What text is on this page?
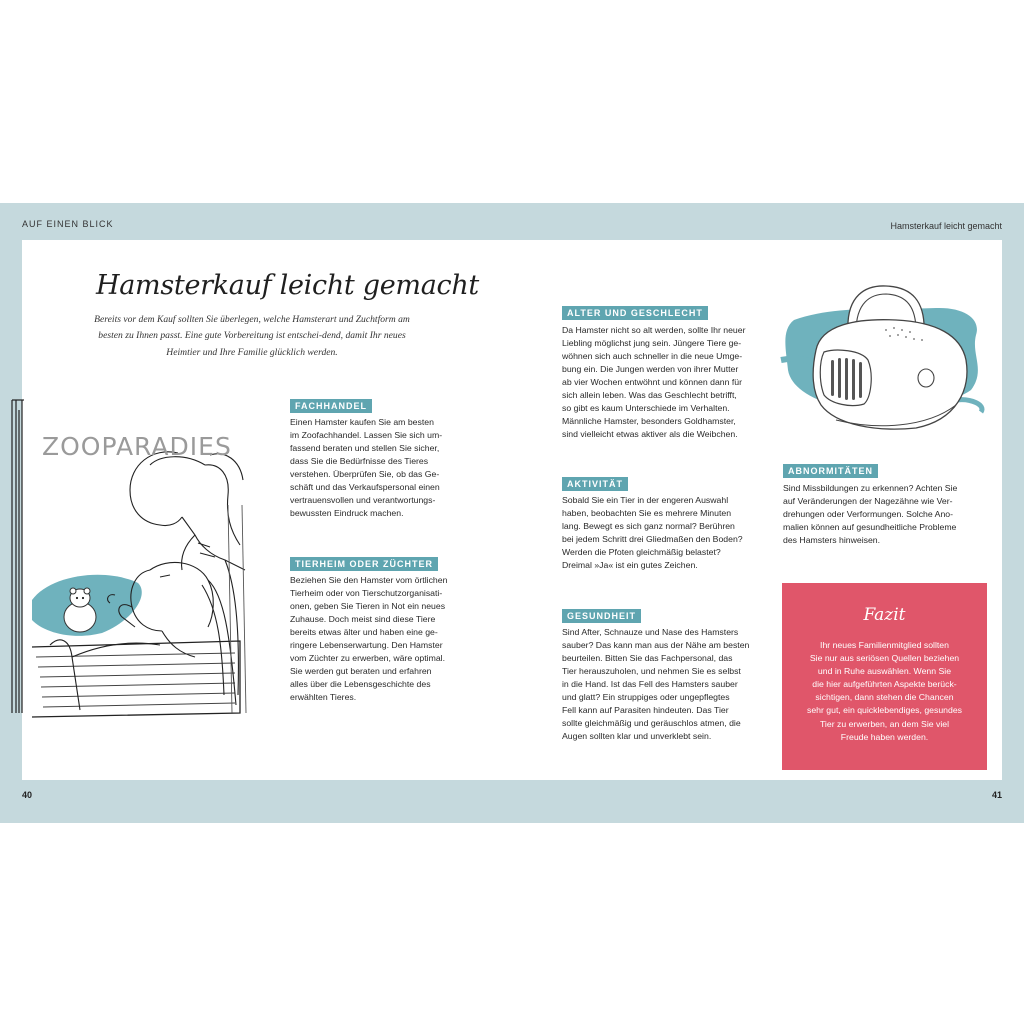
AUF EINEN BLICK	Hamsterkauf leicht gemacht
40	41
Hamsterkauf leicht gemacht
Bereits vor dem Kauf sollten Sie überlegen, welche Hamsterart und Zuchtform am besten zu Ihnen passt. Eine gute Vorbereitung ist entschei-dend, damit Ihr neues Heimtier und Ihre Familie glücklich werden.
ZOOPARADIES
FACHHANDEL

Einen Hamster kaufen Sie am besten
im Zoofachhandel. Lassen Sie sich um-
fassend beraten und stellen Sie sicher,
dass Sie die Bedürfnisse des Tieres
verstehen. Überprüfen Sie, ob das Ge-
schäft und das Verkaufspersonal einen
vertrauensvollen und verantwortungs-
bewussten Eindruck machen.

TIERHEIM ODER ZÜCHTER

Beziehen Sie den Hamster vom örtlichen
Tierheim oder von Tierschutzorganisati-
onen, geben Sie Tieren in Not ein neues
Zuhause. Doch meist sind diese Tiere
bereits etwas älter und haben eine ge-
ringere Lebenserwartung. Den Hamster
vom Züchter zu erwerben, wäre optimal.
Sie werden gut beraten und erfahren
alles über die Lebensgeschichte des
erwählten Tieres.

ALTER UND GESCHLECHT

Da Hamster nicht so alt werden, sollte Ihr neuer
Liebling möglichst jung sein. Jüngere Tiere ge-
wöhnen sich auch schneller in die neue Umge-
bung ein. Die Jungen werden von ihrer Mutter
ab vier Wochen entwöhnt und können dann für
sich allein leben. Was das Geschlecht betrifft,
so gibt es kaum Unterschiede im Verhalten.
Männliche Hamster, besonders Goldhamster,
sind vielleicht etwas aktiver als die Weibchen.

AKTIVITÄT

Sobald Sie ein Tier in der engeren Auswahl
haben, beobachten Sie es mehrere Minuten
lang. Bewegt es sich ganz normal? Berühren
bei jedem Schritt drei Gliedmaßen den Boden?
Werden die Pfoten gleichmäßig belastet?
Dreimal »Ja« ist ein gutes Zeichen.

GESUNDHEIT

Sind After, Schnauze und Nase des Hamsters
sauber? Das kann man aus der Nähe am besten
beurteilen. Bitten Sie das Fachpersonal, das
Tier herauszuholen, und nehmen Sie es selbst
in die Hand. Ist das Fell des Hamsters sauber
und glatt? Ein struppiges oder ungepflegtes
Fell kann auf Parasiten hindeuten. Das Tier
sollte gleichmäßig und geräuschlos atmen, die
Augen sollten klar und unverklebt sein.

ABNORMITÄTEN

Sind Missbildungen zu erkennen? Achten Sie
auf Veränderungen der Nagezähne wie Ver-
drehungen oder Verformungen. Solche Ano-
malien können auf gesundheitliche Probleme
des Hamsters hinweisen.

Fazit

Ihr neues Familienmitglied sollten
Sie nur aus seriösen Quellen beziehen
und in Ruhe auswählen. Wenn Sie
die hier aufgeführten Aspekte berück-
sichtigen, dann stehen die Chancen
sehr gut, ein quicklebendiges, gesundes
Tier zu erwerben, an dem Sie viel
Freude haben werden.
